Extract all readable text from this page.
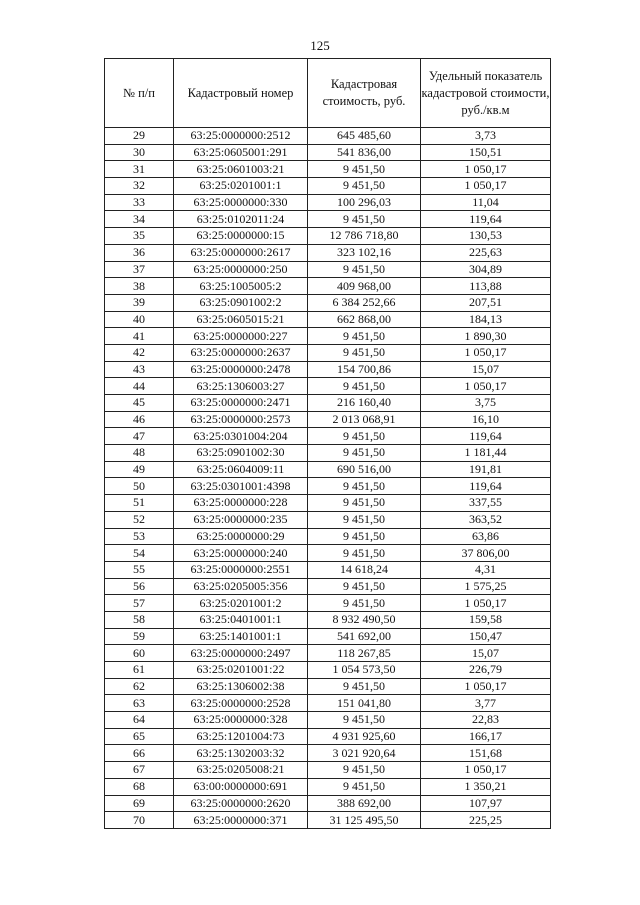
125
№ п/п	Кадастровый номер	Кадастровая стоимость, руб.	Удельный показатель кадастровой стоимости, руб./кв.м

29	63:25:0000000:2512	645 485,60	3,73
30	63:25:0605001:291	541 836,00	150,51
31	63:25:0601003:21	9 451,50	1 050,17
32	63:25:0201001:1	9 451,50	1 050,17
33	63:25:0000000:330	100 296,03	11,04
34	63:25:0102011:24	9 451,50	119,64
35	63:25:0000000:15	12 786 718,80	130,53
36	63:25:0000000:2617	323 102,16	225,63
37	63:25:0000000:250	9 451,50	304,89
38	63:25:1005005:2	409 968,00	113,88
39	63:25:0901002:2	6 384 252,66	207,51
40	63:25:0605015:21	662 868,00	184,13
41	63:25:0000000:227	9 451,50	1 890,30
42	63:25:0000000:2637	9 451,50	1 050,17
43	63:25:0000000:2478	154 700,86	15,07
44	63:25:1306003:27	9 451,50	1 050,17
45	63:25:0000000:2471	216 160,40	3,75
46	63:25:0000000:2573	2 013 068,91	16,10
47	63:25:0301004:204	9 451,50	119,64
48	63:25:0901002:30	9 451,50	1 181,44
49	63:25:0604009:11	690 516,00	191,81
50	63:25:0301001:4398	9 451,50	119,64
51	63:25:0000000:228	9 451,50	337,55
52	63:25:0000000:235	9 451,50	363,52
53	63:25:0000000:29	9 451,50	63,86
54	63:25:0000000:240	9 451,50	37 806,00
55	63:25:0000000:2551	14 618,24	4,31
56	63:25:0205005:356	9 451,50	1 575,25
57	63:25:0201001:2	9 451,50	1 050,17
58	63:25:0401001:1	8 932 490,50	159,58
59	63:25:1401001:1	541 692,00	150,47
60	63:25:0000000:2497	118 267,85	15,07
61	63:25:0201001:22	1 054 573,50	226,79
62	63:25:1306002:38	9 451,50	1 050,17
63	63:25:0000000:2528	151 041,80	3,77
64	63:25:0000000:328	9 451,50	22,83
65	63:25:1201004:73	4 931 925,60	166,17
66	63:25:1302003:32	3 021 920,64	151,68
67	63:25:0205008:21	9 451,50	1 050,17
68	63:00:0000000:691	9 451,50	1 350,21
69	63:25:0000000:2620	388 692,00	107,97
70	63:25:0000000:371	31 125 495,50	225,25
